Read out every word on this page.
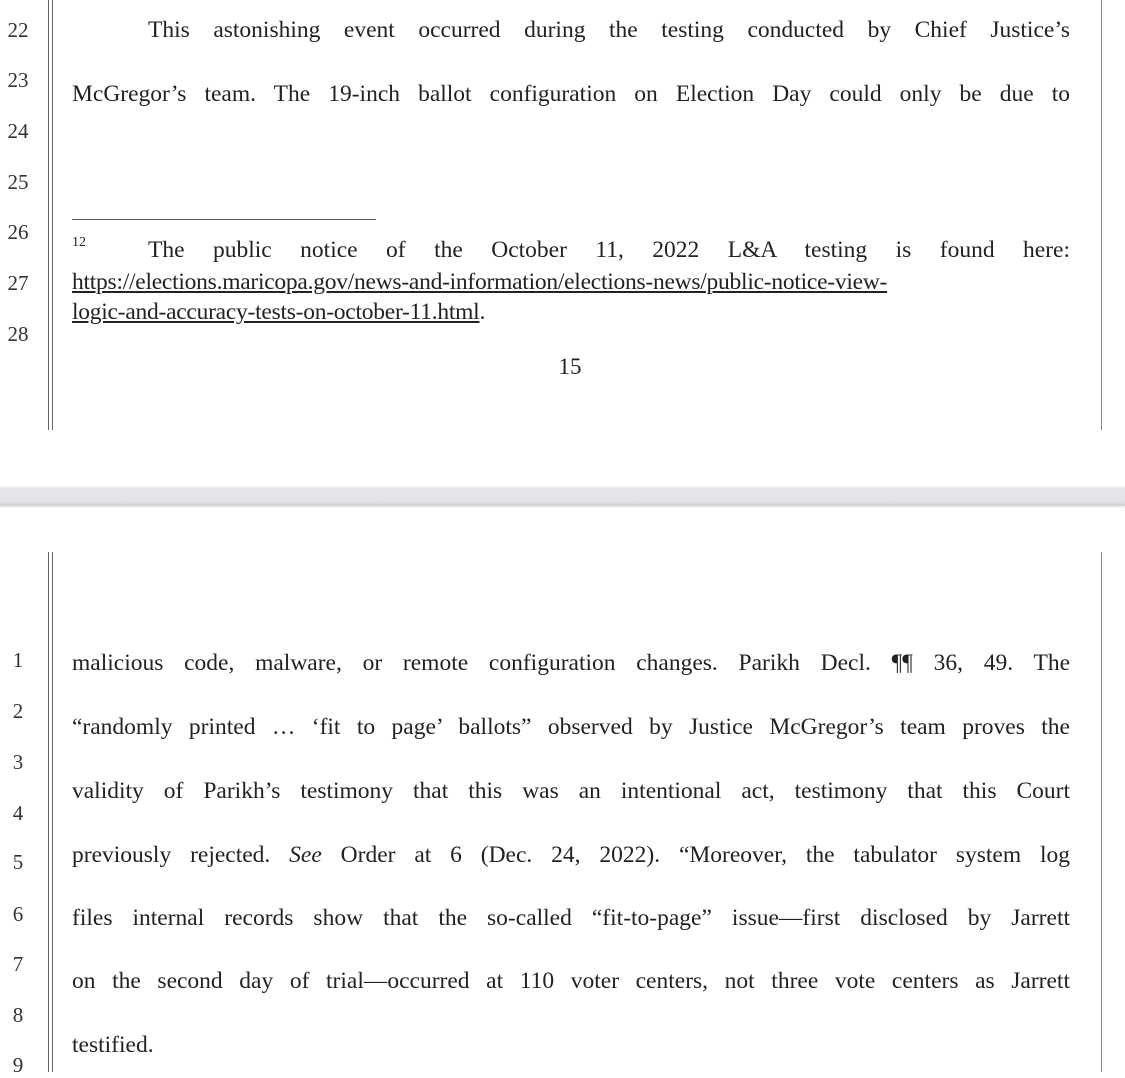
22
23
24
25
26
27
28
This astonishing event occurred during the testing conducted by Chief Justice’s
McGregor’s team. The 19-inch ballot configuration on Election Day could only be due to
$^{12}$	The public notice of the October 11, 2022 L&A testing is found here:
https://elections.maricopa.gov/news-and-information/elections-news/public-notice-view-
logic-and-accuracy-tests-on-october-11.html.
15
1
2
3
4
5
6
7
8
9
malicious code, malware, or remote configuration changes. Parikh Decl. ¶¶ 36, 49. The
“randomly printed … ‘fit to page’ ballots” observed by Justice McGregor’s team proves the
validity of Parikh’s testimony that this was an intentional act, testimony that this Court
previously rejected. See Order at 6 (Dec. 24, 2022). “Moreover, the tabulator system log
files internal records show that the so-called “fit-to-page” issue—first disclosed by Jarrett
on the second day of trial—occurred at 110 voter centers, not three vote centers as Jarrett
testified.
